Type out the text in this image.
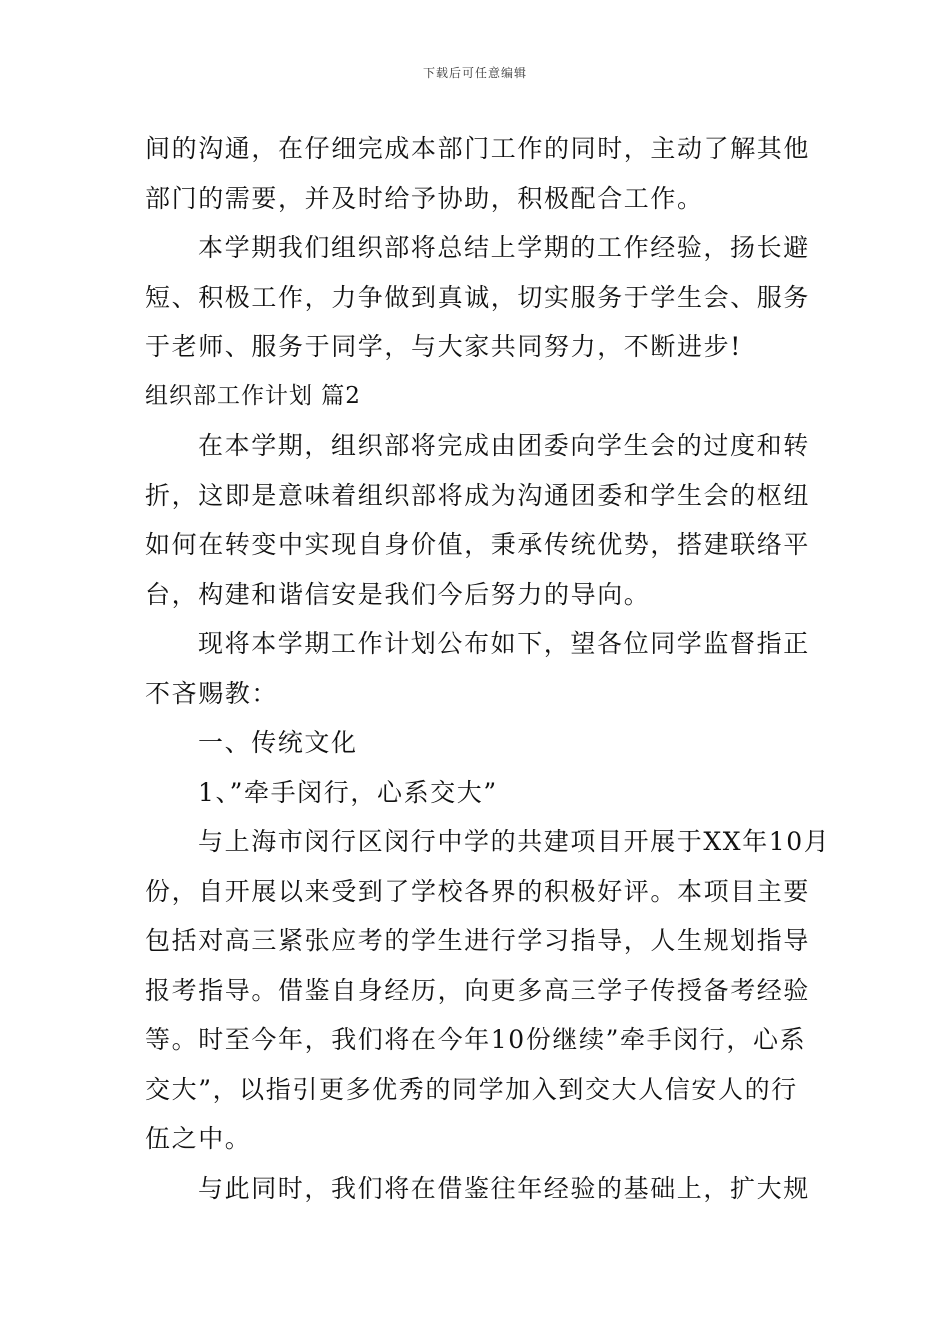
下载后可任意编辑
间的沟通，在仔细完成本部门工作的同时，主动了解其他
部门的需要，并及时给予协助，积极配合工作。
本学期我们组织部将总结上学期的工作经验，扬长避
短、积极工作，力争做到真诚，切实服务于学生会、服务
于老师、服务于同学，与大家共同努力，不断进步!
组织部工作计划 篇2
在本学期，组织部将完成由团委向学生会的过度和转
折，这即是意味着组织部将成为沟通团委和学生会的枢纽
如何在转变中实现自身价值，秉承传统优势，搭建联络平
台，构建和谐信安是我们今后努力的导向。
现将本学期工作计划公布如下，望各位同学监督指正
不吝赐教：
一、传统文化
1、”牵手闵行，心系交大”
与上海市闵行区闵行中学的共建项目开展于XX年10月
份，自开展以来受到了学校各界的积极好评。本项目主要
包括对高三紧张应考的学生进行学习指导，人生规划指导
报考指导。借鉴自身经历，向更多高三学子传授备考经验
等。时至今年，我们将在今年10份继续”牵手闵行，心系
交大”，以指引更多优秀的同学加入到交大人信安人的行
伍之中。
与此同时，我们将在借鉴往年经验的基础上，扩大规
